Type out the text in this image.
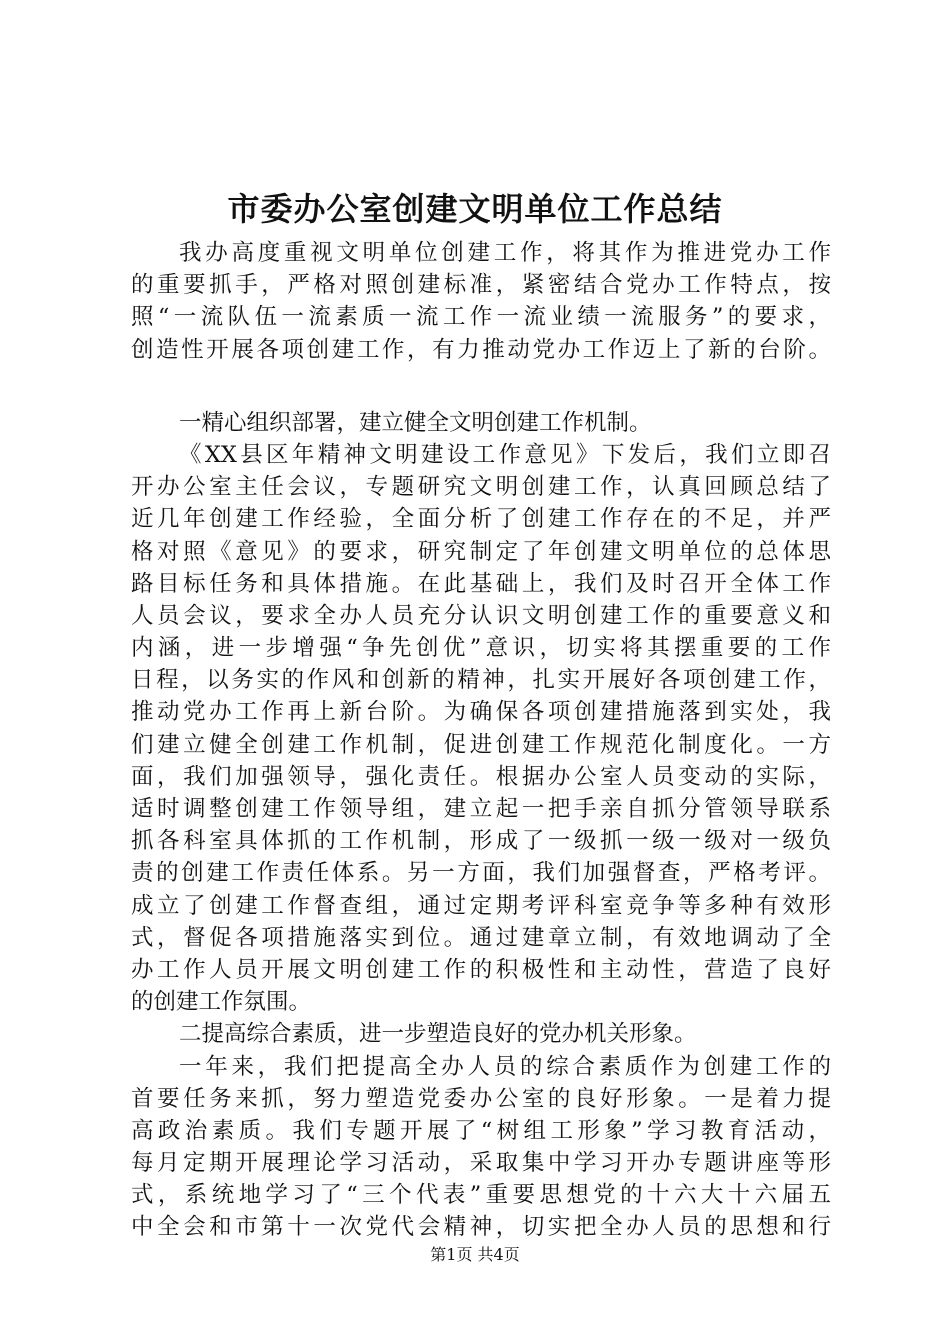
市委办公室创建文明单位工作总结
我办高度重视文明单位创建工作，将其作为推进党办工作
的重要抓手，严格对照创建标准，紧密结合党办工作特点，按
照“一流队伍一流素质一流工作一流业绩一流服务”的要求，
创造性开展各项创建工作，有力推动党办工作迈上了新的台阶。
一精心组织部署，建立健全文明创建工作机制。
《XX县区年精神文明建设工作意见》下发后，我们立即召
开办公室主任会议，专题研究文明创建工作，认真回顾总结了
近几年创建工作经验，全面分析了创建工作存在的不足，并严
格对照《意见》的要求，研究制定了年创建文明单位的总体思
路目标任务和具体措施。在此基础上，我们及时召开全体工作
人员会议，要求全办人员充分认识文明创建工作的重要意义和
内涵，进一步增强“争先创优”意识，切实将其摆重要的工作
日程，以务实的作风和创新的精神，扎实开展好各项创建工作，
推动党办工作再上新台阶。为确保各项创建措施落到实处，我
们建立健全创建工作机制，促进创建工作规范化制度化。一方
面，我们加强领导，强化责任。根据办公室人员变动的实际，
适时调整创建工作领导组，建立起一把手亲自抓分管领导联系
抓各科室具体抓的工作机制，形成了一级抓一级一级对一级负
责的创建工作责任体系。另一方面，我们加强督查，严格考评。
成立了创建工作督查组，通过定期考评科室竞争等多种有效形
式，督促各项措施落实到位。通过建章立制，有效地调动了全
办工作人员开展文明创建工作的积极性和主动性，营造了良好
的创建工作氛围。
二提高综合素质，进一步塑造良好的党办机关形象。
一年来，我们把提高全办人员的综合素质作为创建工作的
首要任务来抓，努力塑造党委办公室的良好形象。一是着力提
高政治素质。我们专题开展了“树组工形象”学习教育活动，
每月定期开展理论学习活动，采取集中学习开办专题讲座等形
式，系统地学习了“三个代表”重要思想党的十六大十六届五
中全会和市第十一次党代会精神，切实把全办人员的思想和行
第1页 共4页
